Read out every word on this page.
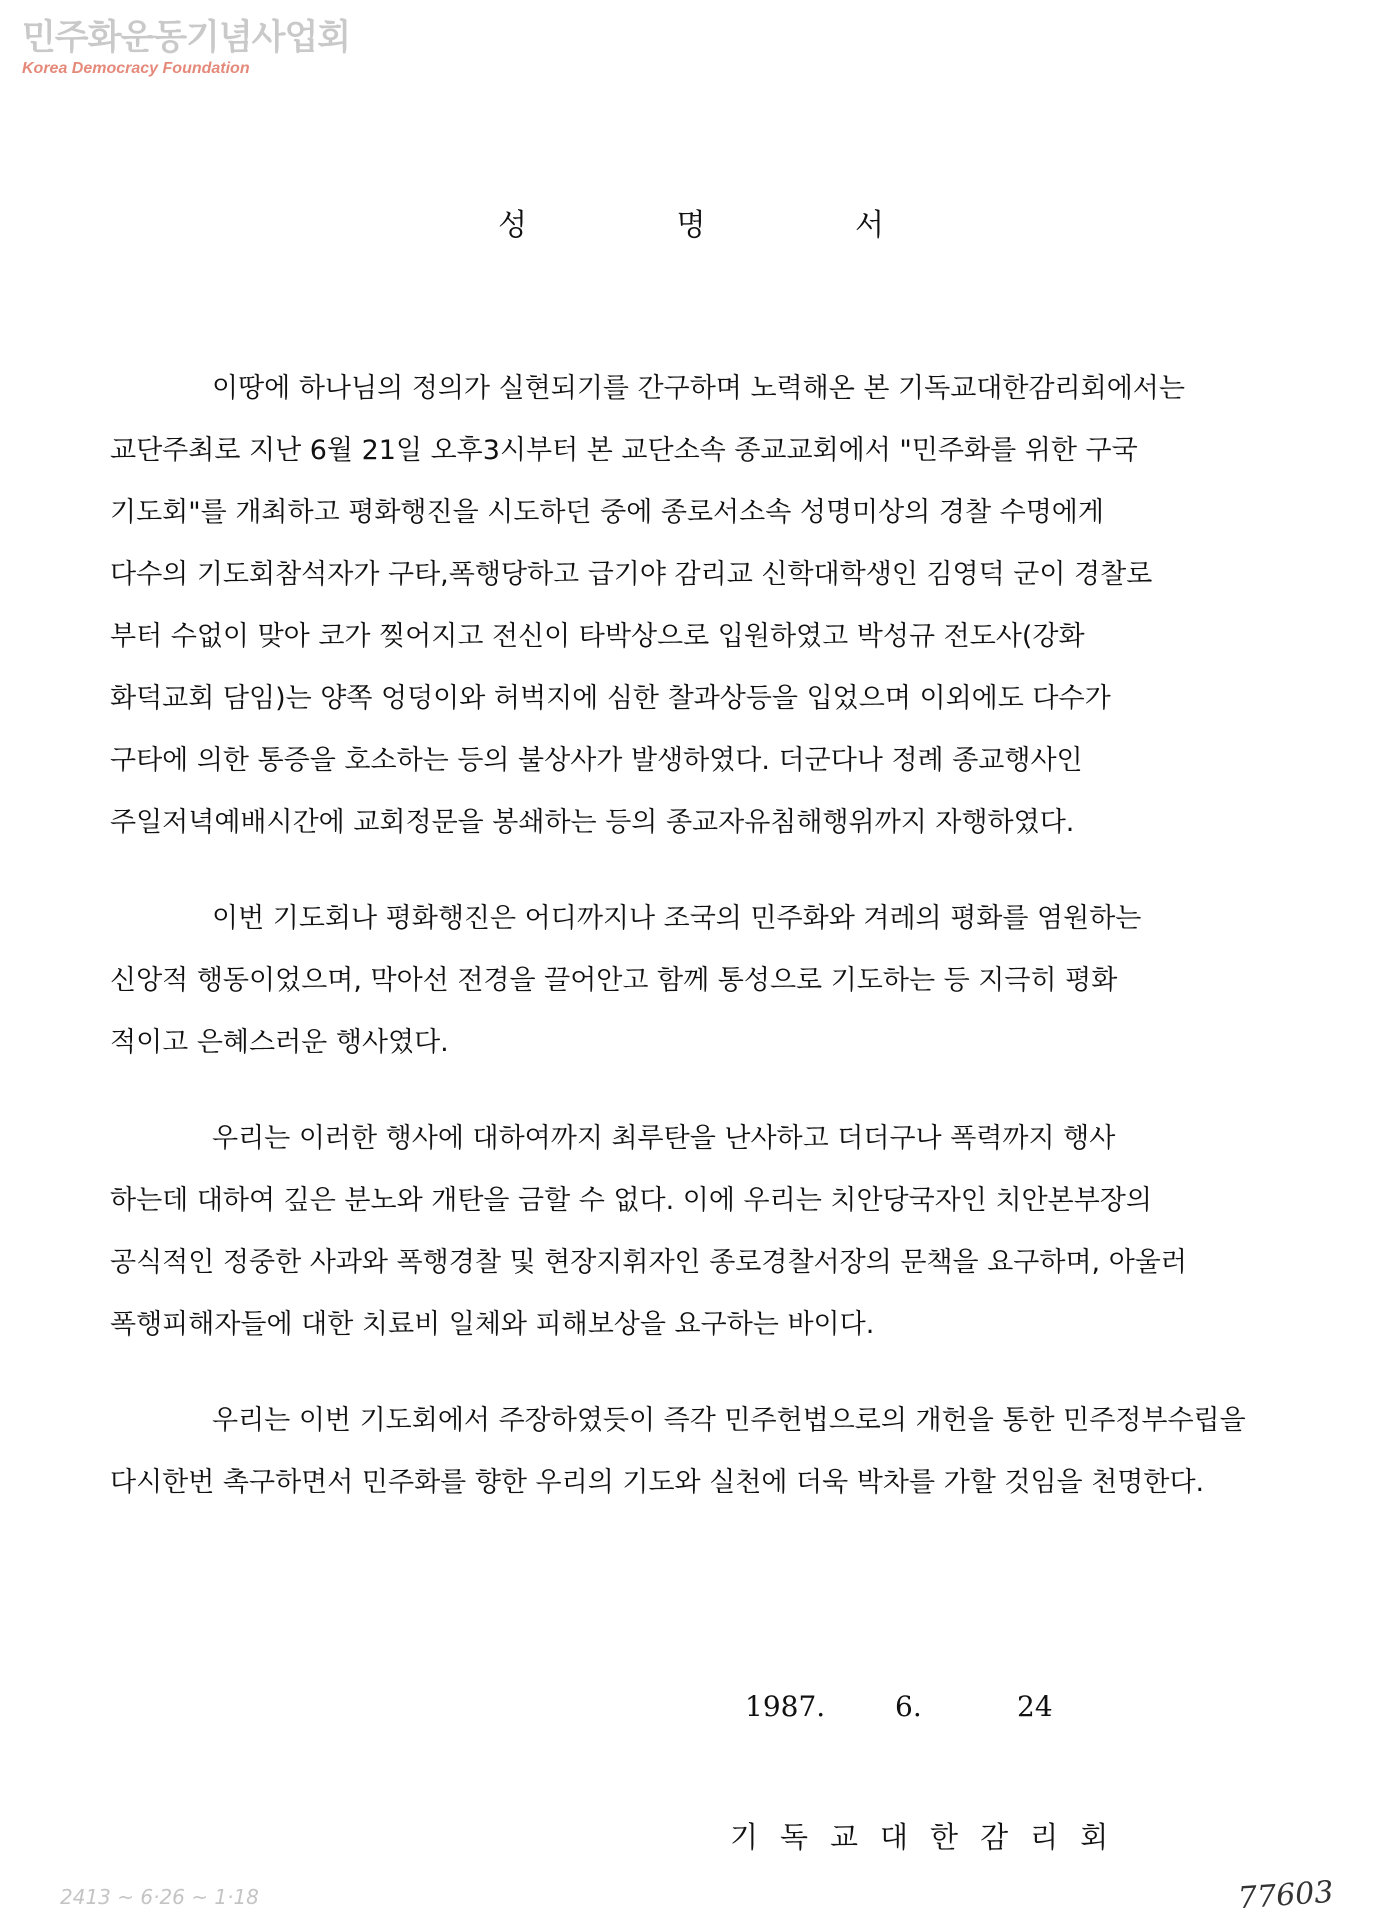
민주화운동기념사업회
Korea Democracy Foundation
성 명 서

이땅에 하나님의 정의가 실현되기를 간구하며 노력해온 본 기독교대한감리회에서는
교단주최로 지난 6월 21일 오후3시부터 본 교단소속 종교교회에서 "민주화를 위한 구국
기도회"를 개최하고 평화행진을 시도하던 중에 종로서소속 성명미상의 경찰 수명에게
다수의 기도회참석자가 구타,폭행당하고 급기야 감리교 신학대학생인 김영덕 군이 경찰로
부터 수없이 맞아 코가 찢어지고 전신이 타박상으로 입원하였고 박성규 전도사(강화
화덕교회 담임)는 양쪽 엉덩이와 허벅지에 심한 찰과상등을 입었으며 이외에도 다수가
구타에 의한 통증을 호소하는 등의 불상사가 발생하였다. 더군다나 정례 종교행사인
주일저녁예배시간에 교회정문을 봉쇄하는 등의 종교자유침해행위까지 자행하였다.

이번 기도회나 평화행진은 어디까지나 조국의 민주화와 겨레의 평화를 염원하는
신앙적 행동이었으며, 막아선 전경을 끌어안고 함께 통성으로 기도하는 등 지극히 평화
적이고 은혜스러운 행사였다.

우리는 이러한 행사에 대하여까지 최루탄을 난사하고 더더구나 폭력까지 행사
하는데 대하여 깊은 분노와 개탄을 금할 수 없다. 이에 우리는 치안당국자인 치안본부장의
공식적인 정중한 사과와 폭행경찰 및 현장지휘자인 종로경찰서장의 문책을 요구하며, 아울러
폭행피해자들에 대한 치료비 일체와 피해보상을 요구하는 바이다.

우리는 이번 기도회에서 주장하였듯이 즉각 민주헌법으로의 개헌을 통한 민주정부수립을
다시한번 촉구하면서 민주화를 향한 우리의 기도와 실천에 더욱 박차를 가할 것임을 천명한다.

1987. 6.	24
기독교대한감리회
2413 ~ 6·26 ~ 1·18	77603
